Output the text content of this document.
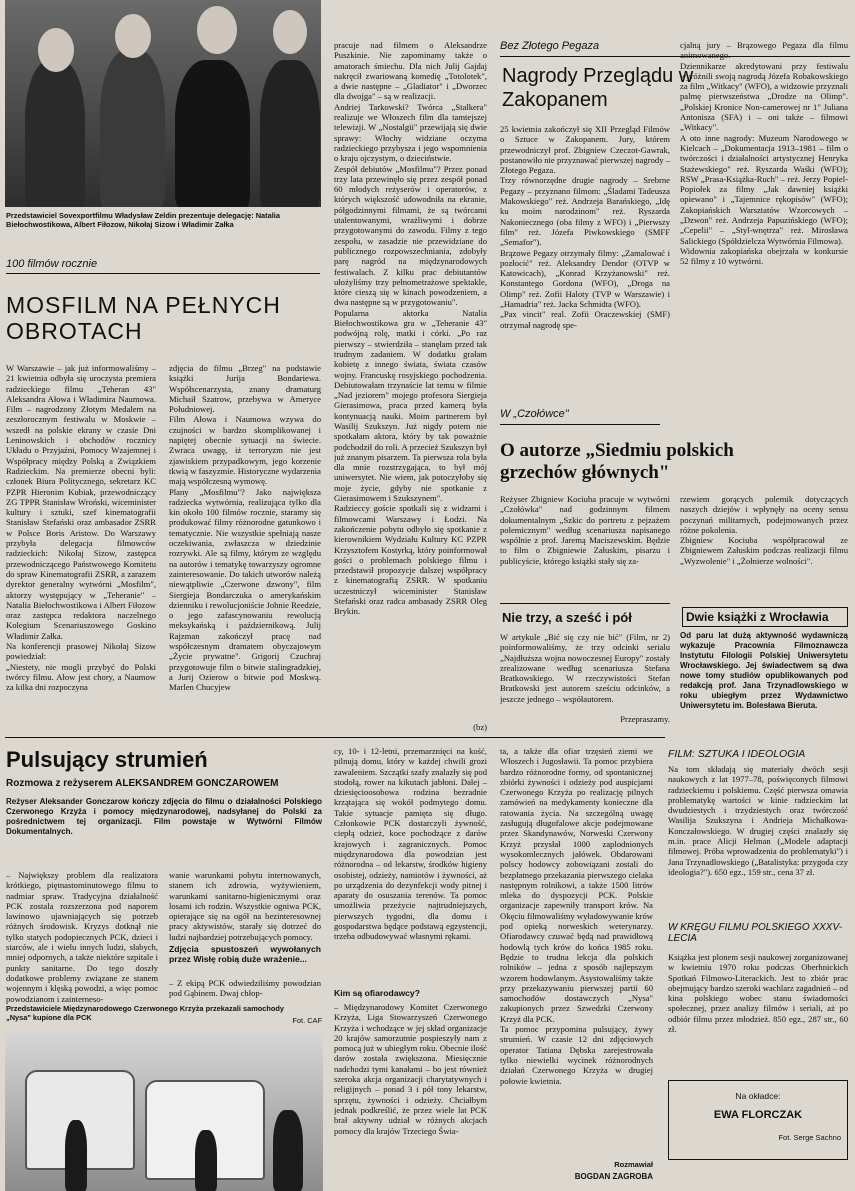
Przedstawiciel Sovexportfilmu Władysław Zeldin prezentuje delegację: Natalia Biełochwostikowa, Albert Fiłozow, Nikołaj Sizow i Władimir Załka
100 filmów rocznie
MOSFILM NA PEŁNYCH OBROTACH
W Warszawie – jak już informowaliśmy – 21 kwietnia odbyła się uroczysta premiera radzieckiego filmu „Teheran 43" Aleksandra Ałowa i Władimira Naumowa. Film – nagrodzony Złotym Medalem na zeszłorocznym festiwalu w Moskwie – wszedł na polskie ekrany w czasie Dni Leninowskich i obchodów rocznicy Układu o Przyjaźni, Pomocy Wzajemnej i Współpracy między Polską a Związkiem Radzieckim. Na premierze obecni byli: członek Biura Politycznego, sekretarz KC PZPR Hieronim Kubiak, przewodniczący ZG TPPR Stanisław Wroński, wiceminister kultury i sztuki, szef kinematografii Stanisław Stefański oraz ambasador ZSRR w Polsce Boris Aristow. Do Warszawy przybyła delegacja filmowców radzieckich: Nikołaj Sizow, zastępca przewodniczącego Państwowego Komitetu do spraw Kinematografii ZSRR, a zarazem dyrektor generalny wytwórni „Mosfilm", aktorzy występujący w „Teheranie" – Natalia Biełochwostikowa i Albert Fiłozow oraz zastępca redaktora naczelnego Kolegium Scenariuszowego Goskino Władimir Załka.
Na konferencji prasowej Nikołaj Sizow powiedział:
„Niestety, nie mogli przybyć do Polski twórcy filmu. Ałow jest chory, a Naumow za kilka dni rozpoczyna
zdjęcia do filmu „Brzeg" na podstawie książki Jurija Bondariewa. Współscenarzysta, znany dramaturg Michaił Szatrow, przebywa w Ameryce Południowej.
Film Ałowa i Naumowa wzywa do czujności w bardzo skomplikowanej i napiętej obecnie sytuacji na świecie. Zwraca uwagę, iż terroryzm nie jest zjawiskiem przypadkowym, jego korzenie tkwią w faszyzmie. Historyczne wydarzenia mają współczesną wymowę.
Plany „Mosfilmu"? Jako największa radziecka wytwórnia, realizująca tylko dla kin około 100 filmów rocznie, staramy się produkować filmy różnorodne gatunkowo i tematycznie. Nie wszystkie spełniają nasze oczekiwania, zwłaszcza w dziedzinie rozrywki. Ale są filmy, którym ze względu na autorów i tematykę towarzyszy ogromne zainteresowanie. Do takich utworów należą niewątpliwie „Czerwone dzwony", film Siergieja Bondarczuka o amerykańskim dzienniku i rewolucjoniście Johnie Reedzie, o jego zafascynowaniu rewolucją meksykańską i październikową. Julij Rajzman zakończył pracę nad współczesnym dramatem obyczajowym „Życie prywatne". Grigorij Czuchraj przygotowuje film o bitwie stalingradzkiej, a Jurij Ozierow o bitwie pod Moskwą. Marlen Chucyjew
pracuje nad filmem o Aleksandrze Puszkinie. Nie zapominamy także o amatorach śmiechu. Dla nich Julij Gajdaj nakręcił zwariowaną komedię „Totolotek", a dwie następne – „Gladiator" i „Dworzec dla dwojga" – są w realizacji.
Andriej Tarkowski? Twórca „Stalkera" realizuje we Włoszech film dla tamtejszej telewizji. W „Nostalgii" przewijają się dwie sprawy: Włochy widziane oczyma radzieckiego przybysza i jego wspomnienia o kraju ojczystym, o dzieciństwie.
Zespół debiutów „Mosfilmu"? Przez ponad trzy lata przewinęło się przez zespół ponad 60 młodych reżyserów i operatorów, z których większość udowodniła na ekranie, półgodzinnymi filmami, że są twórcami utalentowanymi, wrażliwymi i dobrze przygotowanymi do zawodu. Filmy z tego zespołu, w zasadzie nie przewidziane do publicznego rozpowszechniania, zdobyły parę nagród na międzynarodowych festiwalach. Z kilku prac debiutantów ułożyliśmy trzy pełnometrażowe spektakle, które cieszą się w kinach powodzeniem, a dwa następne są w przygotowaniu".
Popularna aktorka Natalia Biełochwostikowa gra w „Teheranie 43" podwójną rolę, matki i córki. „Po raz pierwszy – stwierdziła – stanęłam przed tak trudnym zadaniem. W dodatku grałam kobietę z innego świata, świata czasów wojny. Francuskę rosyjskiego pochodzenia. Debiutowałam trzynaście lat temu w filmie „Nad jeziorem" mojego profesora Siergieja Gierasimowa, praca przed kamerą była kontynuacją nauki. Moim partnerem był Wasilij Szukszyn. Już nigdy potem nie spotkałam aktora, który by tak poważnie podchodził do roli. A przecież Szukszyn był już znanym pisarzem. Ta pierwsza rola była dla mnie rozstrzygająca, to był mój uniwersytet. Nie wiem, jak potoczyłoby się moje życie, gdyby nie spotkanie z Gierasimowem i Szukszynem".
Radzieccy goście spotkali się z widzami i filmowcami Warszawy i Łodzi. Na zakończenie pobytu odbyło się spotkanie z kierownikiem Wydziału Kultury KC PZPR Krzysztofem Kostyrką, który poinformował gości o problemach polskiego filmu i przedstawił propozycje dalszej współpracy z kinematografią ZSRR. W spotkaniu uczestniczył wiceminister Stanisław Stefański oraz radca ambasady ZSRR Oleg Brykin.
(bz)
Bez Złotego Pegaza
Nagrody Przeglądu w Zakopanem
25 kwietnia zakończył się XII Przegląd Filmów o Sztuce w Zakopanem. Jury, którem przewodniczył prof. Zbigniew Czeczot-Gawrak, postanowiło nie przyznawać pierwszej nagrody – Złotego Pegaza.
Trzy równorzędne drugie nagrody – Srebrne Pegazy – przyznano filmom: „Śladami Tadeusza Makowskiego" reż. Andrzeja Barańskiego, „Idę ku moim narodzinom" reż. Ryszarda Nakoniecznego (oba filmy z WFO) i „Pierwszy film" reż. Józefa Piwkowskiego (SMFF „Semafor").
Brązowe Pegazy otrzymały filmy: „Zamalować i pozłocić" reż. Aleksandry Dendor (OTVP w Katowicach), „Konrad Krzyżanowski" reż. Konstantego Gordona (WFO), „Droga na Olimp" reż. Zofii Haloty (TVP w Warszawie) i „Hamadria" reż. Jacka Schmidta (WFO).
„Pax vincit" real. Zofii Oraczewskiej (SMF) otrzymał nagrodę spe-
cjalną jury – Brązowego Pegaza dla filmu animowanego.
Dziennikarze akredytowani przy festiwalu wyróżnili swoją nagrodą Józefa Robakowskiego za film „Witkacy" (WFO), a widzowie przyznali palmę pierwszeństwa „Drodze na Olimp". „Polskiej Kronice Non-camerowej nr 1" Juliana Antonisza (SFA) i – oni także – filmowi „Witkacy".
A oto inne nagrody: Muzeum Narodowego w Kielcach – „Dokumentacja 1913–1981 – film o twórczości i działalności artystycznej Henryka Stażewskiego" reż. Ryszarda Waśki (WFO); RSW „Prasa-Książka-Ruch" – reż. Jerzy Popiel-Popiołek za filmy „Jak dawniej książki opiewano" i „Tajemnice rękopisów" (WFO); Zakopiańskich Warsztatów Wzorcowych – „Dzwon" reż. Andrzeja Papuzińskiego (WFO); „Cepelii" – „Styl-wnętrza" reż. Mirosława Salickiego (Spółdzielcza Wytwórnia Filmowa).
Widownia zakopiańska obejrzała w konkursie 52 filmy z 10 wytwórni.
W „Czołówce"
O autorze „Siedmiu polskich grzechów głównych"
Reżyser Zbigniew Kociuba pracuje w wytwórni „Czołówka" nad godzinnym filmem dokumentalnym „Szkic do portretu z pejzażem polemicznym" według scenariusza napisanego wspólnie z prof. Jaremą Maciszewskim. Będzie to film o Zbigniewie Załuskim, pisarzu i publicyście, którego książki stały się za-
rzewiem gorących polemik dotyczących naszych dziejów i wpłynęły na oceny sensu poczynań militarnych, podejmowanych przez różne pokolenia.
Zbigniew Kociuba współpracował ze Zbigniewem Załuskim podczas realizacji filmu „Wyzwolenie" i „Żołnierze wolności".
Nie trzy, a sześć i pół
W artykule „Bić się czy nie bić" (Film, nr 2) poinformowaliśmy, że trzy odcinki serialu „Najdłuższa wojna nowoczesnej Europy" zostały zrealizowane według scenariusza Stefana Bratkowskiego. W rzeczywistości Stefan Bratkowski jest autorem sześciu odcinków, a jeszcze jednego – współautorem.
Przepraszamy.
Dwie książki z Wrocławia
Od paru lat dużą aktywność wydawniczą wykazuje Pracownia Filmoznawcza Instytutu Filologii Polskiej Uniwersytetu Wrocławskiego. Jej świadectwem są dwa nowe tomy studiów opublikowanych pod redakcją prof. Jana Trzynadlowskiego w roku ubiegłym przez Wydawnictwo Uniwersytetu im. Bolesława Bieruta.
Pulsujący strumień
Rozmowa z reżyserem ALEKSANDREM GONCZAROWEM
Reżyser Aleksander Gonczarow kończy zdjęcia do filmu o działalności Polskiego Czerwonego Krzyża i pomocy międzynarodowej, nadsyłanej do Polski za pośrednictwem tej organizacji. Film powstaje w Wytwórni Filmów Dokumentalnych.
– Największy problem dla realizatora krótkiego, piętnastominutowego filmu to nadmiar spraw. Tradycyjna działalność PCK zostala rozszerzona pod naporem lawinowo ujawniających się potrzeb różnych środowisk. Kryzys dotknął nie tylko statych podopiecznych PCK, dzieci i starców, ale i wielu innych ludzi, słabych, mniej odpornych, a także niektóre szpitale i punkty sanitarne. Do tego doszły dodatkowe problemy związane ze stanem wojennym i klęską powodzi, a więc pomoc powodzianom i zainterneso-
wanie warunkami pobytu internowanych, stanem ich zdrowia, wyżywieniem, warunkami sanitarno-higienicznymi oraz losami ich rodzin. Wszystkie ogniwa PCK, opierające się na ogół na bezinteresownej pracy aktywistów, starały się dotrzeć do ludzi najbardziej potrzebujących pomocy.
Zdjęcia spustoszeń wywołanych przez Wisłę robią duże wrażenie...
– Z ekipą PCK odwiedziliśmy powodzian pod Gąbinem. Dwaj chłop-
Przedstawiciele Międzynarodowego Czerwonego Krzyża przekazali samochody „Nysa" kupione dla PCK	Fot. CAF
cy, 10- i 12-letni, przemarznięci na kość, pilnują domu, który w każdej chwili grozi zawaleniem. Szczątki szafy znalazły się pod stodołą, rower na kikutach jabłoni. Dalej – dziesięcioosobowa rodzina bezradnie krzątająca się wokół podmytego domu. Takie sytuacje pamięta się długo. Członkowie PCK dostarczyli żywność, ciepłą odzież, koce pochodzące z darów krajowych i zagranicznych. Pomoc międzynarodowa dla powodzian jest różnorodna – od lekarstw, środków higieny osobistej, odzieży, namiotów i żywności, aż po urządzenia do dezynfekcji wody pitnej i aparaty do osuszania terenów. Ta pomoc umożliwia przeżycie najtrudniejszych, pierwszych tygodni, dla domu i gospodarstwa będące podstawą egzystencji, trzeba odbudowywać własnymi rękami.
Kim są ofiarodawcy?
– Międzynarodowy Komitet Czerwonego Krzyża, Liga Stowarzyszeń Czerwonego Krzyża i wchodzące w jej skład organizacje 20 krajów samorzutnie pospieszyły nam z pomocą już w ubiegłym roku. Obecnie ilość darów została zwiększona. Miesięcznie nadchodzi tymi kanałami – bo jest również szeroka akcja organizacji charytatywnych i religijnych – ponad 3 i pół tony lekarstw, sprzętu, żywności i odzieży. Chciałbym jednak podkreślić, że przez wiele lat PCK brał aktywny udział w różnych akcjach pomocy dla krajów Trzeciego Świa-
ta, a także dla ofiar trzęsień ziemi we Włoszech i Jugosławii. Ta pomoc przybiera bardzo różnorodne formy, od spontanicznej zbiórki żywności i odzieży pod auspicjami Czerwonego Krzyża po realizację pilnych zamówień na medykamenty konieczne dla ratowania życia. Na szczególną uwagę zasługują długofalowe akcje podejmowane przez Skandynawów, Norweski Czerwony Krzyż przysłał 1000 zaplodnionych wysokomlecznych jałówek. Obdarowani polscy hodowcy zobowiązani zostali do bezpłatnego przekazania pierwszego cielaka następnym rolnikowi, a także 1500 litrów mleka do dyspozycji PCK. Polskie organizacje zapewniły transport krów. Na Okęciu filmowaliśmy wyładowywanie krów pod opieką norweskich weterynarzy. Ofiarodawcy czuwać będą nad prawidłową hodowlą tych krów do końca 1985 roku. Będzie to trudna lekcja dla polskich rolników – jedna z sposób najlepszym wzorem hodowlanym. Asystowaliśmy także przy przekazywaniu pierwszej partii 60 samochodów dostawczych „Nysa" zakupionych przez Szwedzki Czerwony Krzyż dla PCK.
Ta pomoc przypomina pulsujący, żywy strumień. W czasie 12 dni zdjęciowych operator Tatiana Dębska zarejestrowała tylko niewielki wycinek różnorodnych działań Czerwonego Krzyża w drugiej połowie kwietnia.
Rozmawiał
BOGDAN ZAGROBA
FILM: SZTUKA I IDEOLOGIA
Na tom składają się materiały dwóch sesji naukowych z lat 1977–78, poświęconych filmowi radzieckiemu i polskiemu. Część pierwsza omawia problematykę wartości w kinie radzieckim lat dwudziestych i trzydziestych oraz twórczość Wasilija Szukszyna i Andrieja Michałkowa-Konczałowskiego. W drugiej części znalazły się m.in. prace Alicji Helman („Modele adaptacji filmowej. Próba wprowadzenia do problematyki") i Jana Trzynadlowskiego („Batalistyka: przygoda czy ideologia?"). 650 egz., 159 str., cena 37 zł.
W KRĘGU FILMU POLSKIEGO XXXV-LECIA
Książka jest plonem sesji naukowej zorganizowanej w kwietniu 1970 roku podczas Oberhnickich Spotkań Filmowo-Literackich. Jest to zbiór prac obejmujący bardzo szeroki wachlarz zagadnień – od kina polskiego wobec stanu świadomości społecznej, przez analizy filmów i seriali, aż po odbiór filmu przez młodzież. 850 egz., 287 str., 60 zł.
Na okładce:
EWA FLORCZAK
Fot. Serge Sachno
